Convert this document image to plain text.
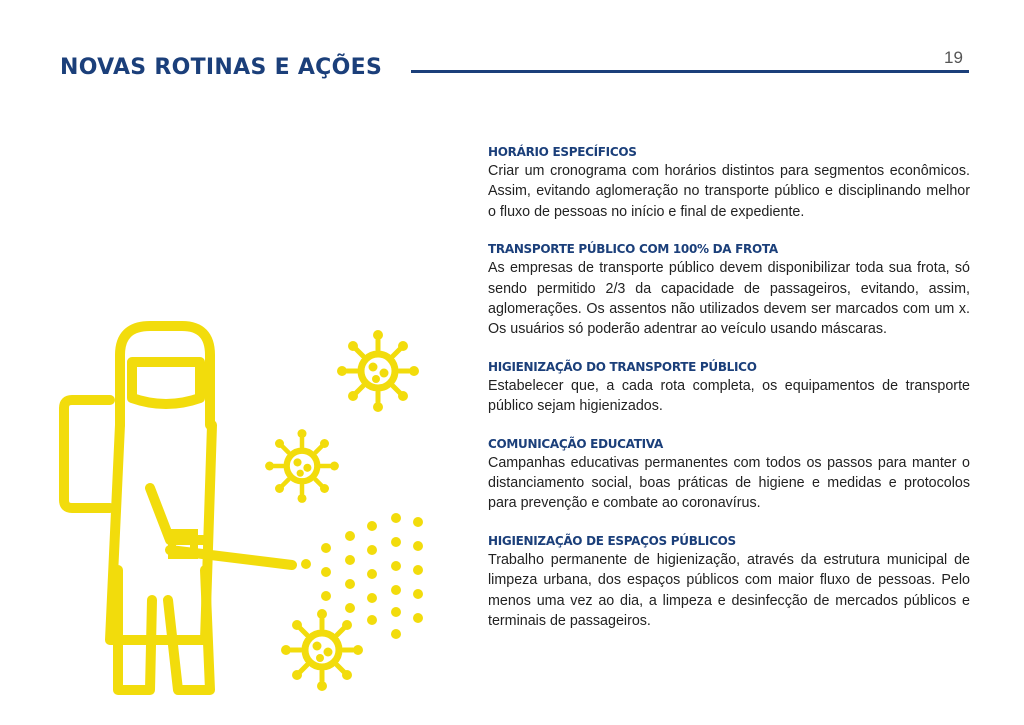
NOVAS ROTINAS E AÇÕES	19

HORÁRIO ESPECÍFICOS

Criar um cronograma com horários distintos para segmentos econômicos. Assim, evitando aglomeração no transporte público e disciplinando melhor o fluxo de pessoas no início e final de expediente.

TRANSPORTE PÚBLICO COM 100% DA FROTA

As empresas de transporte público devem disponibilizar toda sua frota, só sendo permitido 2/3 da capacidade de passageiros, evitando, assim, aglomerações. Os assentos não utilizados devem ser marcados com um x. Os usuários só poderão adentrar ao veículo usando máscaras.

HIGIENIZAÇÃO DO TRANSPORTE PÚBLICO

Estabelecer que, a cada rota completa, os equipamentos de transporte público sejam higienizados.

COMUNICAÇÃO EDUCATIVA

Campanhas educativas permanentes com todos os passos para manter o distanciamento social, boas práticas de higiene e medidas e protocolos para prevenção e combate ao coronavírus.

HIGIENIZAÇÃO DE ESPAÇOS PÚBLICOS

Trabalho permanente de higienização, através da estrutura municipal de limpeza urbana, dos espaços públicos com maior fluxo de pessoas. Pelo menos uma vez ao dia, a limpeza e desinfecção de mercados públicos e terminais de passageiros.
